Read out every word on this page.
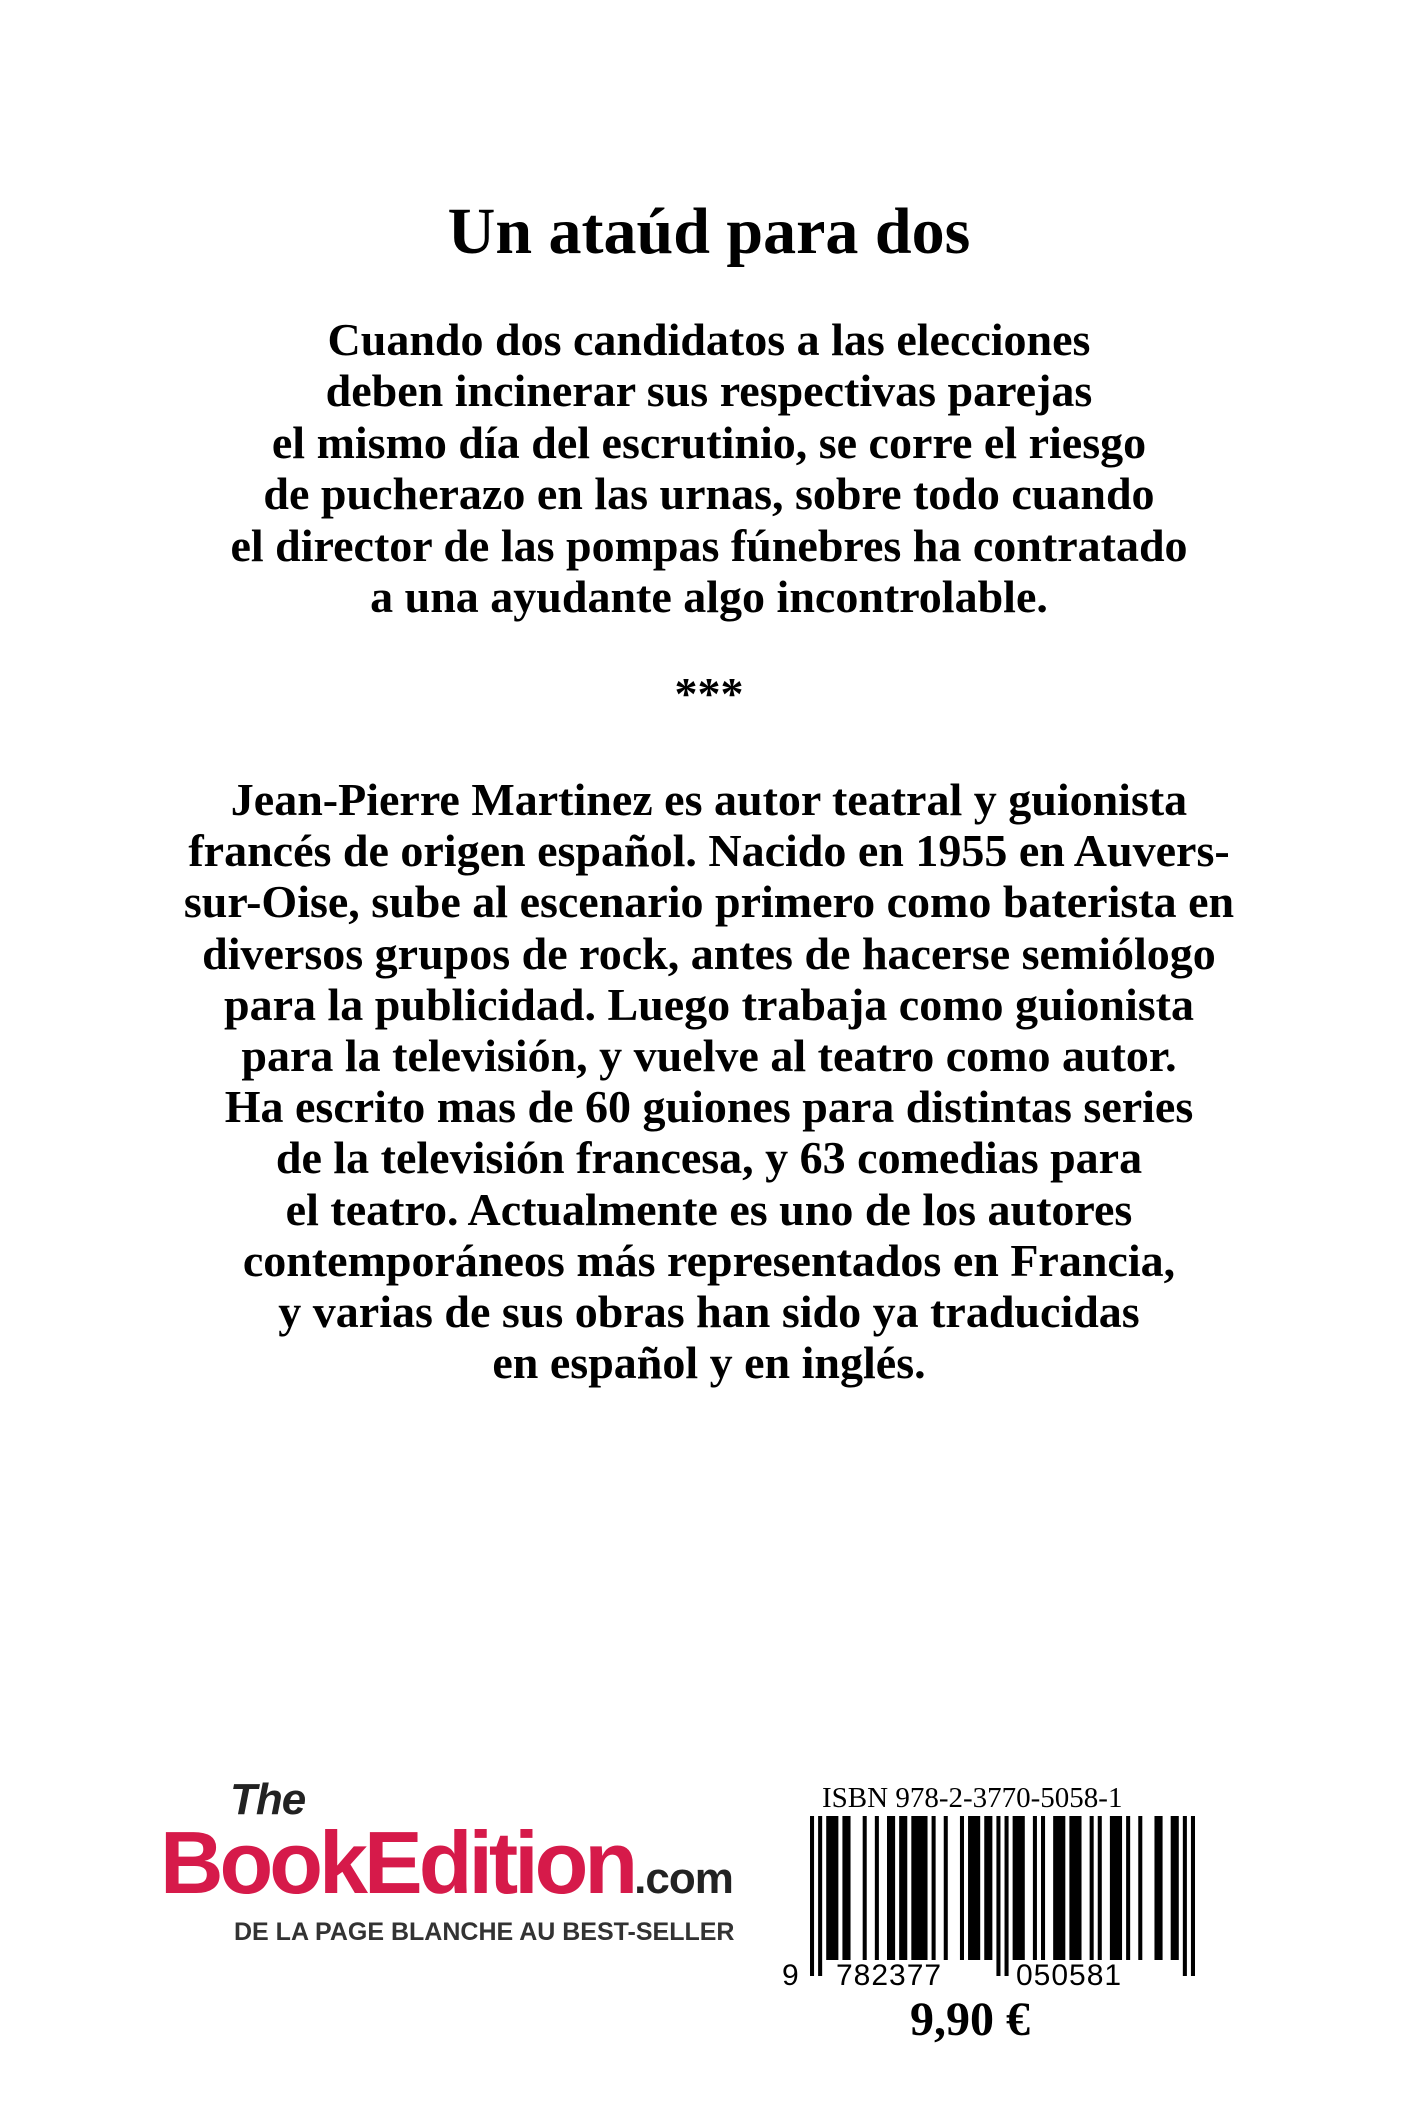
Un ataúd para dos
Cuando dos candidatos a las elecciones
deben incinerar sus respectivas parejas
el mismo día del escrutinio, se corre el riesgo
de pucherazo en las urnas, sobre todo cuando
el director de las pompas fúnebres ha contratado
a una ayudante algo incontrolable.
***
Jean-Pierre Martinez es autor teatral y guionista
francés de origen español. Nacido en 1955 en Auvers-
sur-Oise, sube al escenario primero como baterista en
diversos grupos de rock, antes de hacerse semiólogo
para la publicidad. Luego trabaja como guionista
para la televisión, y vuelve al teatro como autor.
Ha escrito mas de 60 guiones para distintas series
de la televisión francesa, y 63 comedias para
el teatro. Actualmente es uno de los autores
contemporáneos más representados en Francia,
y varias de sus obras han sido ya traducidas
en español y en inglés.
The
BookEdition.com
DE LA PAGE BLANCHE AU BEST-SELLER
ISBN 978-2-3770-5058-1
9 782377 050581
9,90 €
